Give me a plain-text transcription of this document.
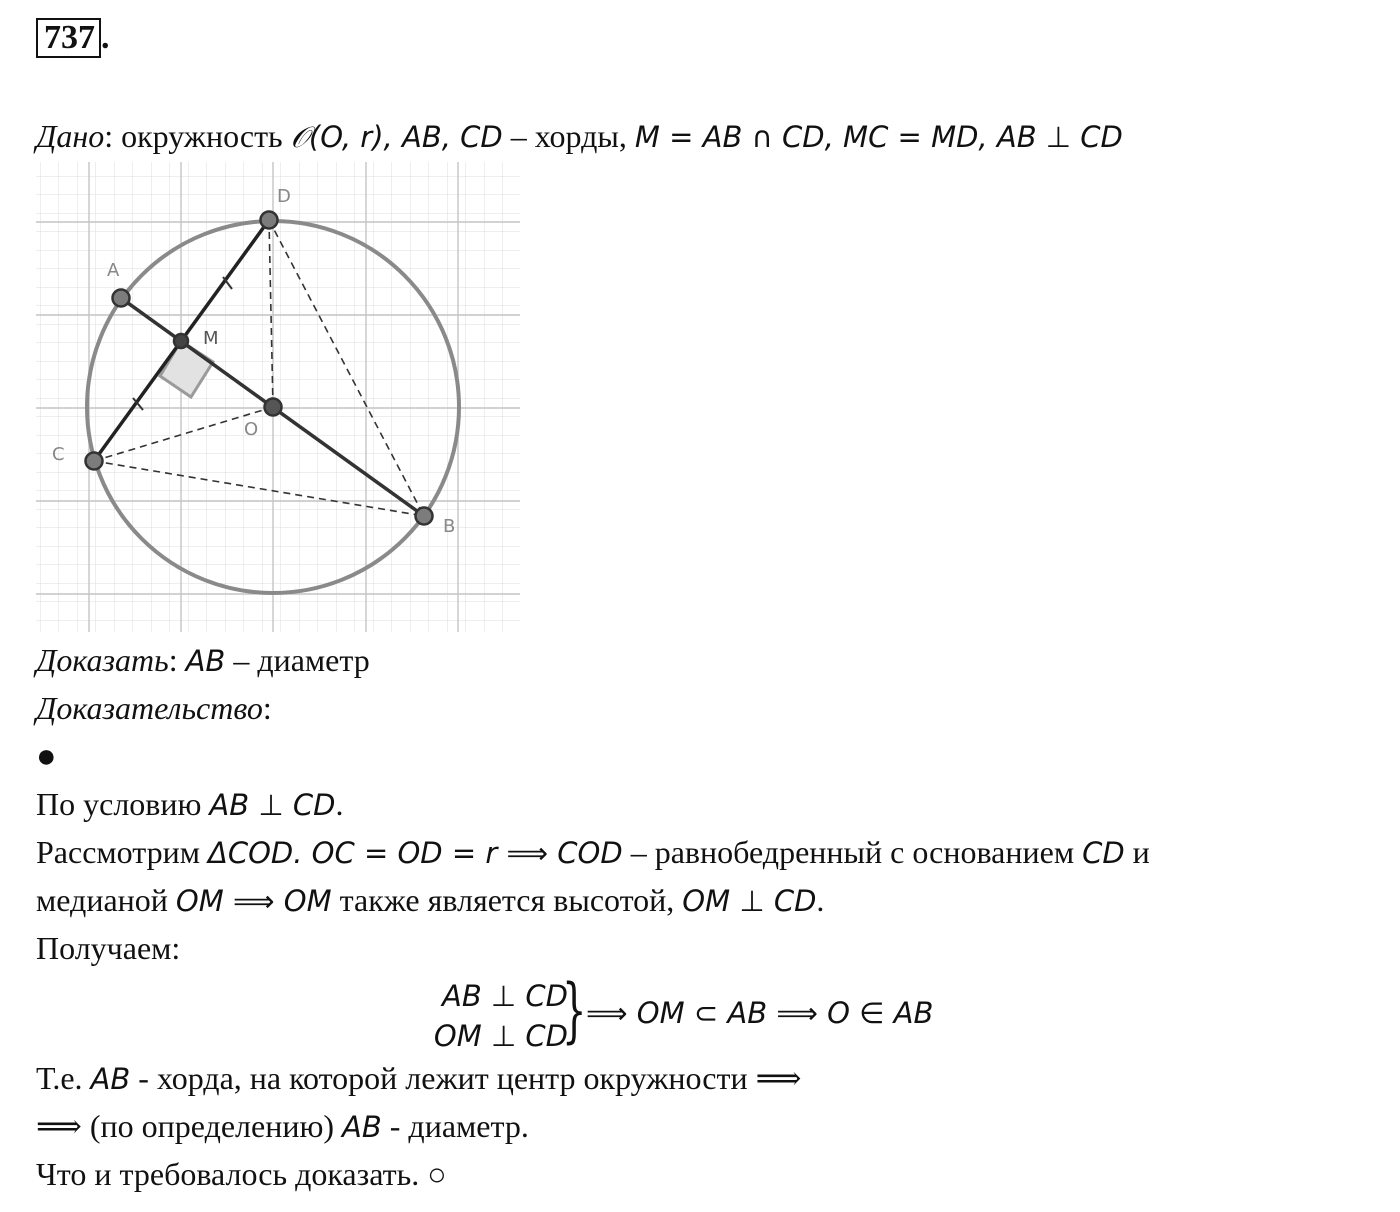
737 .
Дано: окружность 𝒪(O, r), AB, CD – хорды, M = AB ∩ CD, MC = MD, AB ⊥ CD
D
A
C
B
O
M
Доказать: AB – диаметр
Доказательство:
●
По условию AB ⊥ CD.
Рассмотрим ΔCOD. OC = OD = r ⟹ COD – равнобедренный с основанием CD и
медианой OM ⟹ OM также является высотой, OM ⊥ CD.
Получаем:
AB ⊥ CD
OM ⊥ CD
} ⟹ OM ⊂ AB ⟹ O ∈ AB
Т.е. AB - хорда, на которой лежит центр окружности ⟹
⟹ (по определению) AB - диаметр.
Что и требовалось доказать. ○
